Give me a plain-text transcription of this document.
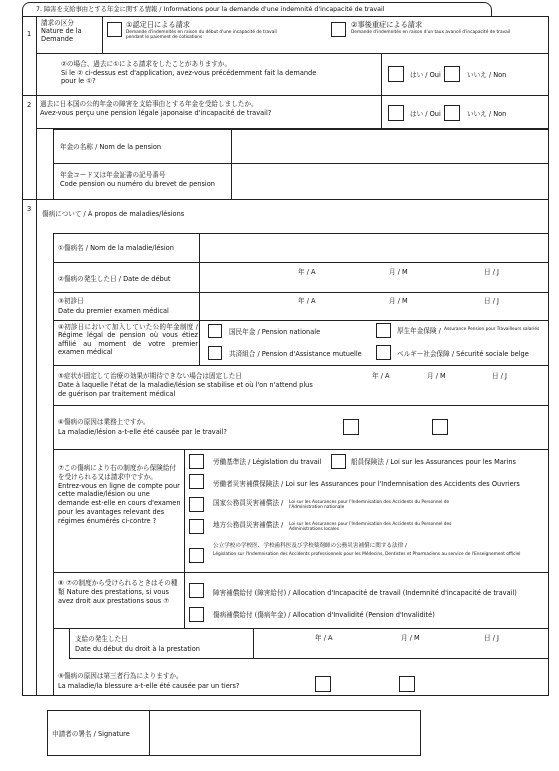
7. 障害を支給事由とする年金に関する情報 / Informations pour la demande d'une indemnité d'incapacité de travail
1
請求の区分
Nature de la
Demande
①認定日による請求
Demande d'indemnités en raison du début d'une incapacité de travail
pendant le paiement de cotisations
②事後重症による請求
Demande d'indemnités en raison d'un taux avancé d'incapacité de travail
②の場合、過去に①による請求をしたことがありますか。
Si le ② ci-dessus est d'application, avez-vous précédemment fait la demande
pour le ①?
はい / Oui	いいえ / Non
2 過去に日本国の公的年金の障害を支給事由とする年金を受給しましたか。
Avez-vous perçu une pension légale japonaise d'incapacité de travail?	はい / Oui	いいえ / Non
年金の名称 / Nom de la pension
年金コード又は年金証書の記号番号
Code pension ou numéro du brevet de pension
3
傷病について / À propos de maladies/lésions
①傷病名 / Nom de la maladie/lésion
②傷病の発生した日 / Date de début
年 / A	月 / M	日 / J
③初診日
Date du premier examen médical
年 / A	月 / M	日 / J
④初診日において加入していた公的年金制度 / Régime légal de pension où vous étiez affilié au moment de votre premier examen médical
国民年金 / Pension nationale	厚生年金保険 / Assurance Pension pour Travailleurs salariés
共済組合 / Pension d'Assistance mutuelle	ベルギー社会保障 / Sécurité sociale belge
⑤症状が固定して治療の効果が期待できない場合は固定した日
Date à laquelle l'état de la maladie/lésion se stabilise et où l'on n'attend plus
de guérison par traitement médical
年 / A	月 / M	日 / J
⑥傷病の原因は業務上ですか。
La maladie/lésion a-t-elle été causée par le travail?
⑦この傷病により右の制度から保険給付を受けられる又は請求中ですか。 Entrez-vous en ligne de compte pour cette maladie/lésion ou une demande est-elle en cours d'examen pour les avantages relevant des régimes énumérés ci-contre ?
労働基準法 / Législation du travail	船員保険法 / Loi sur les Assurances pour les Marins
労働者災害補償保険法 / Loi sur les Assurances pour l'Indemnisation des Accidents des Ouvriers
国家公務員災害補償法 / Loi sur les Assurances pour l'Indemnisation des Accidents du Personnel de l'Administration nationale
地方公務員災害補償法 / Loi sur les Assurances pour l'Indemnisation des Accidents du Personnel des Administrations locales
公立学校の学校医、学校歯科医及び学校薬剤師の公務災害補償に関する法律 /
Législation sur l'Indemnisation des Accidents professionnels pour les Médecins, Dentistes et Pharmaciens au service de l'Enseignement officiel
⑧ ⑦の制度から受けられるときはその種類 Nature des prestations, si vous avez droit aux prestations sous ⑦
障害補償給付 (障害給付) / Allocation d'Incapacité de travail (Indemnité d'incapacité de travail)
傷病補償給付 (傷病年金) / Allocation d'Invalidité (Pension d'Invalidité)
支給の発生した日
Date du début du droit à la prestation
年 / A	月 / M	日 / J
⑨傷病の原因は第三者行為によりますか。
La maladie/la blessure a-t-elle été causée par un tiers?
申請者の署名 / Signature
